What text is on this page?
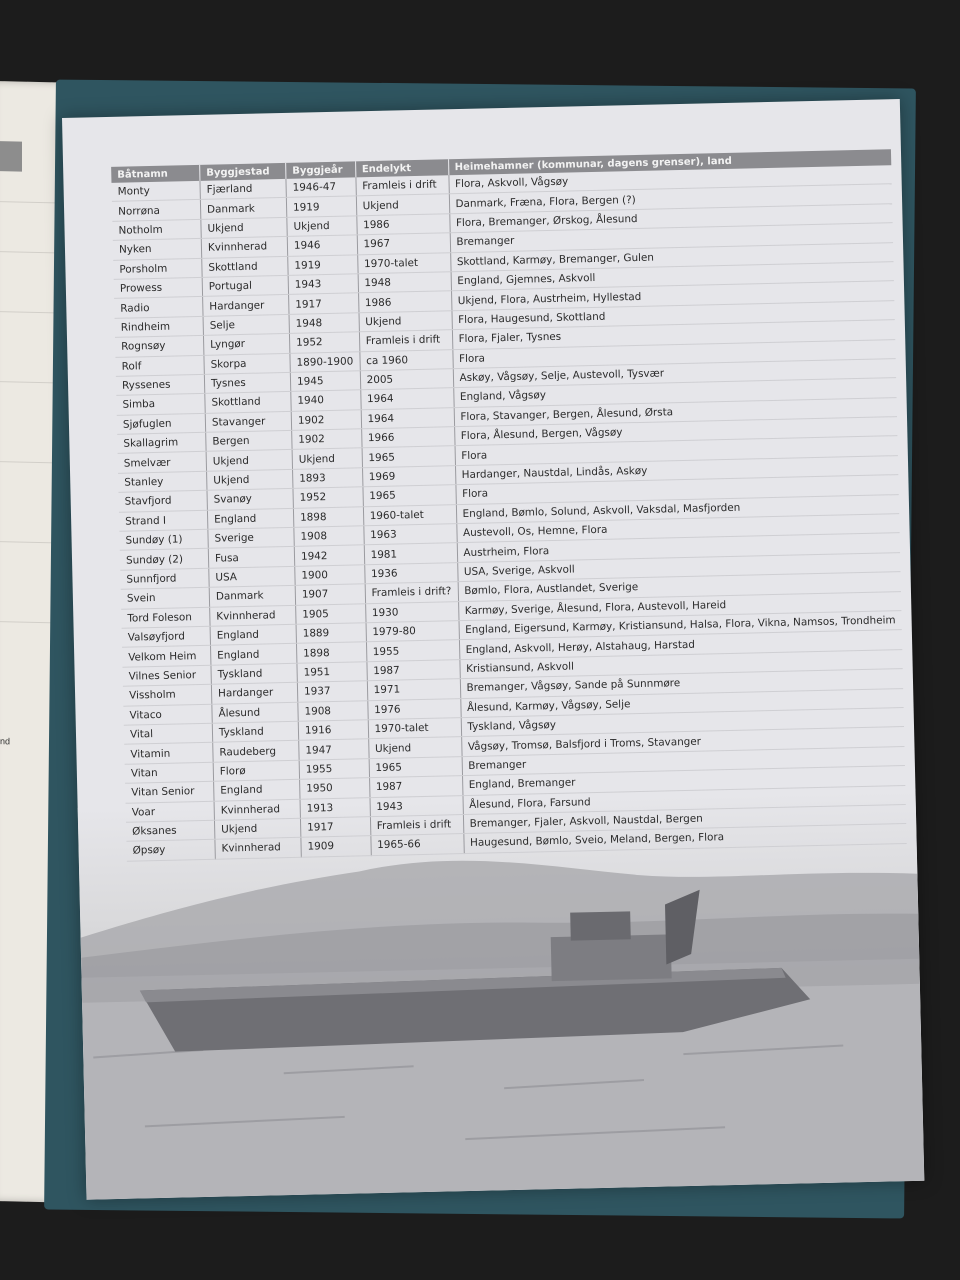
nd
Båtnamn	Byggjestad	Byggjeår	Endelykt	Heimehamner (kommunar, dagens grenser), land
Monty	Fjærland	1946-47	Framleis i drift	Flora, Askvoll, Vågsøy
Norrøna	Danmark	1919	Ukjend	Danmark, Fræna, Flora, Bergen (?)
Notholm	Ukjend	Ukjend	1986	Flora, Bremanger, Ørskog, Ålesund
Nyken	Kvinnherad	1946	1967	Bremanger
Porsholm	Skottland	1919	1970-talet	Skottland, Karmøy, Bremanger, Gulen
Prowess	Portugal	1943	1948	England, Gjemnes, Askvoll
Radio	Hardanger	1917	1986	Ukjend, Flora, Austrheim, Hyllestad
Rindheim	Selje	1948	Ukjend	Flora, Haugesund, Skottland
Rognsøy	Lyngør	1952	Framleis i drift	Flora, Fjaler, Tysnes
Rolf	Skorpa	1890-1900	ca 1960	Flora
Ryssenes	Tysnes	1945	2005	Askøy, Vågsøy, Selje, Austevoll, Tysvær
Simba	Skottland	1940	1964	England, Vågsøy
Sjøfuglen	Stavanger	1902	1964	Flora, Stavanger, Bergen, Ålesund, Ørsta
Skallagrim	Bergen	1902	1966	Flora, Ålesund, Bergen, Vågsøy
Smelvær	Ukjend	Ukjend	1965	Flora
Stanley	Ukjend	1893	1969	Hardanger, Naustdal, Lindås, Askøy
Stavfjord	Svanøy	1952	1965	Flora
Strand I	England	1898	1960-talet	England, Bømlo, Solund, Askvoll, Vaksdal, Masfjorden
Sundøy (1)	Sverige	1908	1963	Austevoll, Os, Hemne, Flora
Sundøy (2)	Fusa	1942	1981	Austrheim, Flora
Sunnfjord	USA	1900	1936	USA, Sverige, Askvoll
Svein	Danmark	1907	Framleis i drift?	Bømlo, Flora, Austlandet, Sverige
Tord Foleson	Kvinnherad	1905	1930	Karmøy, Sverige, Ålesund, Flora, Austevoll, Hareid
Valsøyfjord	England	1889	1979-80	England, Eigersund, Karmøy, Kristiansund, Halsa, Flora, Vikna, Namsos, Trondheim
Velkom Heim	England	1898	1955	England, Askvoll, Herøy, Alstahaug, Harstad
Vilnes Senior	Tyskland	1951	1987	Kristiansund, Askvoll
Vissholm	Hardanger	1937	1971	Bremanger, Vågsøy, Sande på Sunnmøre
Vitaco	Ålesund	1908	1976	Ålesund, Karmøy, Vågsøy, Selje
Vital	Tyskland	1916	1970-talet	Tyskland, Vågsøy
Vitamin	Raudeberg	1947	Ukjend	Vågsøy, Tromsø, Balsfjord i Troms, Stavanger
Vitan	Florø	1955	1965	Bremanger
Vitan Senior	England	1950	1987	England, Bremanger
Voar	Kvinnherad	1913	1943	Ålesund, Flora, Farsund
Øksanes	Ukjend	1917	Framleis i drift	Bremanger, Fjaler, Askvoll, Naustdal, Bergen
Øpsøy	Kvinnherad	1909	1965-66	Haugesund, Bømlo, Sveio, Meland, Bergen, Flora
